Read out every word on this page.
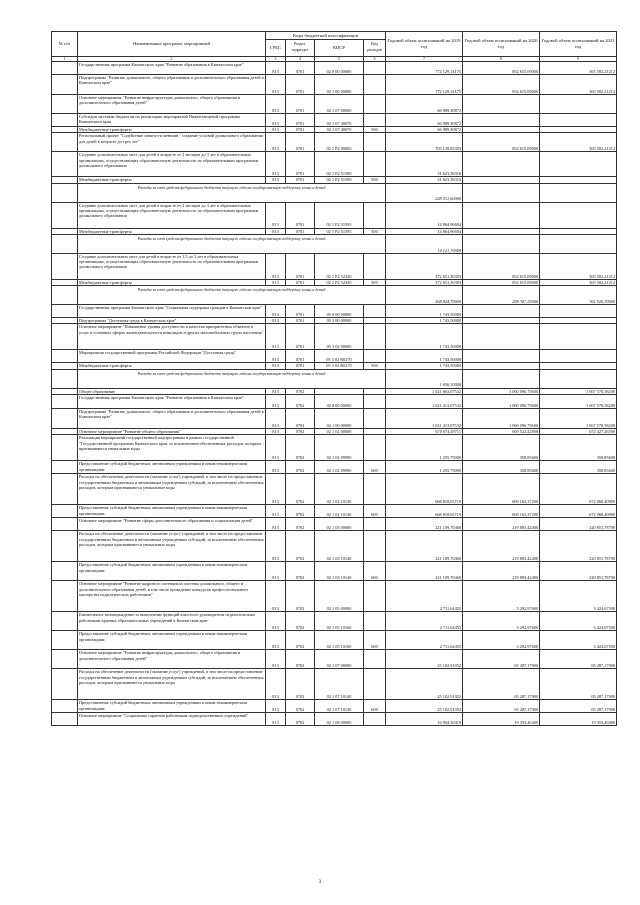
№ п/п	Наименование программ, мероприятий	Коды бюджетной классификации				Годовой объем ассигнований на 2019 год	Годовой объем ассигнований на 2020 год	Годовой объем ассигнований на 2021 год
		ГРБС	Раздел, подраздел	КЦСР	Вид расходов			
1	2	3	4	5	6	7	8	9
	Государственная программа Камчатского края "Развитие образования в Камчатском крае"	813	0701	02 0 00 00000		772 129,14175	852 615,09000	365 582,21212
	Подпрограмма "Развитие дошкольного, общего образования и дополнительного образования детей в Камчатском крае"	813	0701	02 1 00 00000		772 129,14175	852 615,09000	365 582,21212
	Основное мероприятие "Развитие инфраструктуры дошкольного, общего образования и дополнительного образования детей"	813	0701	02 1 07 00000		66 989,30872		
	Субсидии местным бюджетам на реализацию мероприятий Нижнетанцевой программы Камчатского края	813	0701	02 1 07 40070		66 989,30872		
	Межбюджетные трансферты	813	0701	02 1 07 40070	500	66 989,30872		
	Региональный проект "Содействие занятости женщин - создание условий дошкольного образования для детей в возрасте до трех лет"	813	0701	02 1 P2 00000		705 139,83303	852 615,09000	365 582,21212
	Создание дополнительных мест для детей в возрасте от 2 месяцев до 3 лет в образовательных организациях, осуществляющих образовательную деятельность по образовательным программам дошкольного образования	813	0701	02 1 P2 51590		31 623,58316		
	Межбюджетные трансферты	813	0701	02 1 P2 51590	500	31 623,58316		
	Расходы за счет средств федерального бюджета текущего года на государственную поддержку семьи и детей					228 531,60000		
	Создание дополнительных мест для детей в возрасте от 2 месяцев до 3 лет в образовательных организациях, осуществляющих образовательную деятельность по образовательным программам дошкольного образования	813	0701	02 1 P2 51595		14 864,96694		
	Межбюджетные трансферты	813	0701	02 1 P2 51595	500	14 864,96694		
	Расходы за счет средств федерального бюджета текущего года на государственную поддержку семьи и детей					14 121,70000		
	Создание дополнительных мест для детей в возрасте от 1,5 до 3 лет в образовательных организациях, осуществляющих образовательную деятельность по образовательным программам дошкольного образования	813	0701	02 1 P2 52320		372 651,30303	852 615,09000	365 582,21212
	Межбюджетные трансферты	813	0701	02 1 P2 52320	500	372 651,30303	852 615,09000	365 582,21212
	Расходы за счет средств федерального бюджета текущего года на государственную поддержку семьи и детей					368 924,79000	298 397,25000	361 926,39000
	Государственная программа Камчатского края "Социальная поддержка граждан в Камчатском крае"	813	0701	05 0 00 00000		1 743,50000		
	Подпрограмма "Доступная среда в Камчатском крае"	813	0701	05 3 00 00000		1 743,50000		
	Основное мероприятие "Повышение уровня доступности и качества приоритетных объектов и услуг в основных сферах жизнедеятельности инвалидов и других маломобильных групп населения"	813	0701	05 3 02 00000		1 743,50000		
	Мероприятия государственной программы Российской Федерации "Доступная среда"	813	0701	05 3 02 R0270		1 743,50000		
	Межбюджетные трансферты	813	0701	05 3 02 R0270	500	1 743,50000		
	Расходы за счет средств федерального бюджета текущего года на государственную поддержку семьи и детей					1 656,30000		
	Общее образование	813	0702			1 021 663,07532	1 060 096,75600	1 067 578,58200
	Государственная программа Камчатского края "Развитие образования в Камчатском крае"	813	0702	02 0 00 00000		1 021 413,07532	1 060 096,75600	1 067 578,58200
	Подпрограмма "Развитие дошкольного, общего образования и дополнительного образования детей в Камчатском крае"	813	0702	02 1 00 00000		1 021 413,07532	1 060 096,75600	1 067 578,58200
	Основное мероприятие "Развитие общего образования"	813	0702	02 1 02 00000		670 074,49711	669 522,22800	672 427,26500
	Реализация мероприятий государственной подпрограммы в рамках государственной "Государственной программы Камчатского края, за исключением обеспеченных расходов, которым присваиваются уникальные коды	813	0702	02 1 02 09990		1 255,75000	358,85600	358,85600
	Предоставление субсидий бюджетным, автономным учреждениям и иным некоммерческим организациям	813	0702	02 1 02 09990	600	1 255,75000	358,85600	358,85600
	Расходы на обеспечение деятельности (оказание услуг) учреждений, в том числе на предоставление государственным бюджетным и автономным учреждениям субсидий, за исключением обеспеченных расходов, которым присваиваются уникальные коды	813	0702	02 1 02 10140		668 818,65710	669 163,37200	672 068,40900
	Предоставление субсидий бюджетным, автономным учреждениям и иным некоммерческим организациям	813	0702	02 1 02 10140	600	668 818,65710	669 163,37200	672 068,40900
	Основное мероприятие "Развитие сферы дополнительного образования и социализации детей"	813	0702	02 1 03 00000		221 109,70460	219 883,42400	220 851,78700
	Расходы на обеспечение деятельности (оказание услуг) учреждений, в том числе на предоставление государственным бюджетным и автономным учреждениям субсидий, за исключением обеспеченных расходов, которым присваиваются уникальные коды	813	0702	02 1 03 10140		221 109,70460	219 883,42400	220 851,78700
	Предоставление субсидий бюджетным, автономным учреждениям и иным некоммерческим организациям	813	0702	02 1 03 10140	600	221 109,70460	219 883,42400	220 851,78700
	Основное мероприятие "Развитие кадрового потенциала системы дошкольного, общего и дополнительного образования детей, в том числе проведение конкурсов профессионального мастерства педагогических работников"	813	0702	02 1 05 00000		2 711,64455	3 292,97600	3 424,67500
	Ежемесячное вознаграждение за выполнение функций классного руководителя педагогическим работникам краевых образовательных учреждений в Камчатском крае	813	0702	02 1 05 10160		2 711,64455	3 292,97600	3 424,67500
	Предоставление субсидий бюджетным, автономным учреждениям и иным некоммерческим организациям	813	0702	02 1 05 10160	600	2 711,64455	3 292,97600	3 424,67500
	Основное мероприятие "Развитие инфраструктуры дошкольного, общего образования и дополнительного образования детей"	813	0702	02 1 07 00000		25 102,91052	65 287,17900	65 287,17900
	Расходы на обеспечение деятельности (оказание услуг) учреждений, в том числе на предоставление государственным бюджетным и автономным учреждениям субсидий, за исключением обеспеченных расходов, которым присваиваются уникальные коды	813	0702	02 1 07 10140		25 102,91052	65 287,17900	65 287,17900
	Предоставление субсидий бюджетным, автономным учреждениям и иным некоммерческим организациям	813	0702	02 1 07 10140	600	25 102,91052	65 287,17900	65 287,17900
	Основное мероприятие "Социальные гарантии работникам подведомственных учреждений"	813	0702	02 1 08 00000		16 904,50419	19 353,40400	19 353,40400
3
